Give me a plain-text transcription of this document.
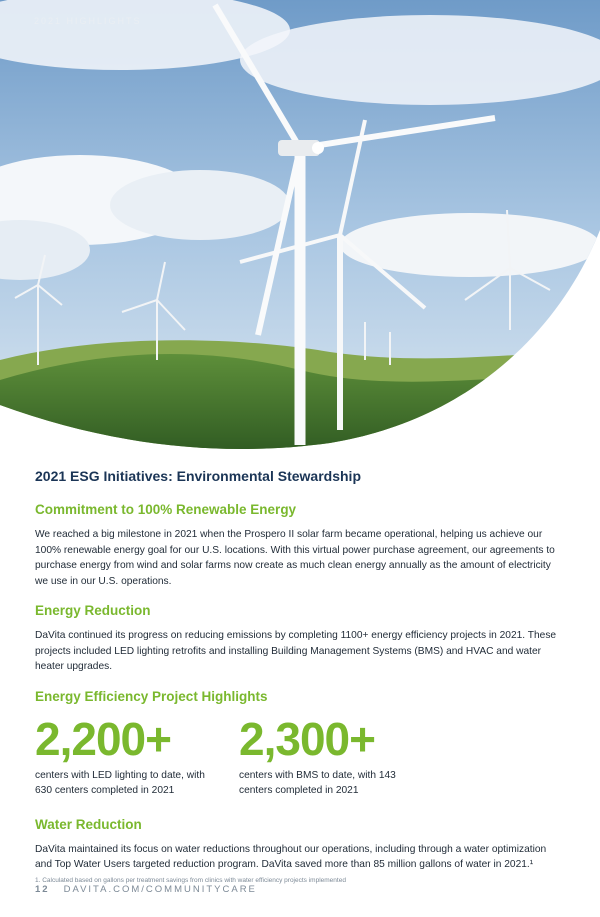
2021 HIGHLIGHTS
2021 ESG Initiatives: Environmental Stewardship
Commitment to 100% Renewable Energy

We reached a big milestone in 2021 when the Prospero II solar farm became operational, helping us achieve our 100% renewable energy goal for our U.S. locations. With this virtual power purchase agreement, our agreements to purchase energy from wind and solar farms now create as much clean energy annually as the amount of electricity we use in our U.S. operations.

Energy Reduction

DaVita continued its progress on reducing emissions by completing 1100+ energy efficiency projects in 2021. These projects included LED lighting retrofits and installing Building Management Systems (BMS) and HVAC and water heater upgrades.

Energy Efficiency Project Highlights
2,200+
centers with LED lighting to date, with 630 centers completed in 2021
2,300+
centers with BMS to date, with 143 centers completed in 2021
Water Reduction

DaVita maintained its focus on water reductions throughout our operations, including through a water optimization and Top Water Users targeted reduction program. DaVita saved more than 85 million gallons of water in 2021.¹

1. Calculated based on gallons per treatment savings from clinics with water efficiency projects implemented
12 DAVITA.COM/COMMUNITYCARE
